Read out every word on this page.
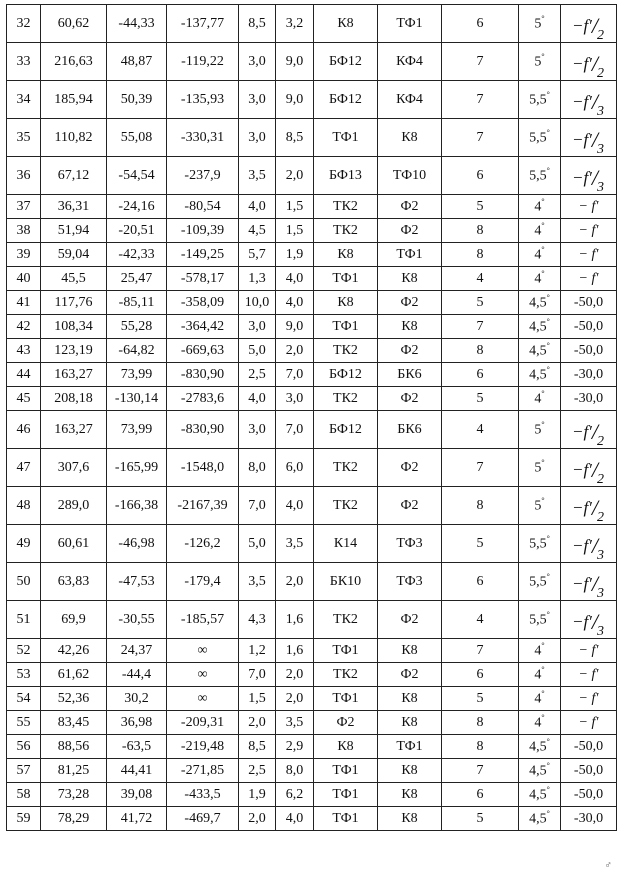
32	60,62	-44,33	-137,77	8,5	3,2	К8	ТФ1	6	5°	$-f'/_2$
33	216,63	48,87	-119,22	3,0	9,0	БФ12	КФ4	7	5°	$-f'/_2$
34	185,94	50,39	-135,93	3,0	9,0	БФ12	КФ4	7	5,5°	$-f'/_3$
35	110,82	55,08	-330,31	3,0	8,5	ТФ1	К8	7	5,5°	$-f'/_3$
36	67,12	-54,54	-237,9	3,5	2,0	БФ13	ТФ10	6	5,5°	$-f'/_3$
37	36,31	-24,16	-80,54	4,0	1,5	ТК2	Ф2	5	4°	− f′
38	51,94	-20,51	-109,39	4,5	1,5	ТК2	Ф2	8	4°	− f′
39	59,04	-42,33	-149,25	5,7	1,9	К8	ТФ1	8	4°	− f′
40	45,5	25,47	-578,17	1,3	4,0	ТФ1	К8	4	4°	− f′
41	117,76	-85,11	-358,09	10,0	4,0	К8	Ф2	5	4,5°	-50,0
42	108,34	55,28	-364,42	3,0	9,0	ТФ1	К8	7	4,5°	-50,0
43	123,19	-64,82	-669,63	5,0	2,0	ТК2	Ф2	8	4,5°	-50,0
44	163,27	73,99	-830,90	2,5	7,0	БФ12	БК6	6	4,5°	-30,0
45	208,18	-130,14	-2783,6	4,0	3,0	ТК2	Ф2	5	4°	-30,0
46	163,27	73,99	-830,90	3,0	7,0	БФ12	БК6	4	5°	$-f'/_2$
47	307,6	-165,99	-1548,0	8,0	6,0	ТК2	Ф2	7	5°	$-f'/_2$
48	289,0	-166,38	-2167,39	7,0	4,0	ТК2	Ф2	8	5°	$-f'/_2$
49	60,61	-46,98	-126,2	5,0	3,5	К14	ТФ3	5	5,5°	$-f'/_3$
50	63,83	-47,53	-179,4	3,5	2,0	БК10	ТФ3	6	5,5°	$-f'/_3$
51	69,9	-30,55	-185,57	4,3	1,6	ТК2	Ф2	4	5,5°	$-f'/_3$
52	42,26	24,37	∞	1,2	1,6	ТФ1	К8	7	4°	− f′
53	61,62	-44,4	∞	7,0	2,0	ТК2	Ф2	6	4°	− f′
54	52,36	30,2	∞	1,5	2,0	ТФ1	К8	5	4°	− f′
55	83,45	36,98	-209,31	2,0	3,5	Ф2	К8	8	4°	− f′
56	88,56	-63,5	-219,48	8,5	2,9	К8	ТФ1	8	4,5°	-50,0
57	81,25	44,41	-271,85	2,5	8,0	ТФ1	К8	7	4,5°	-50,0
58	73,28	39,08	-433,5	1,9	6,2	ТФ1	К8	6	4,5°	-50,0
59	78,29	41,72	-469,7	2,0	4,0	ТФ1	К8	5	4,5°	-30,0
♂
